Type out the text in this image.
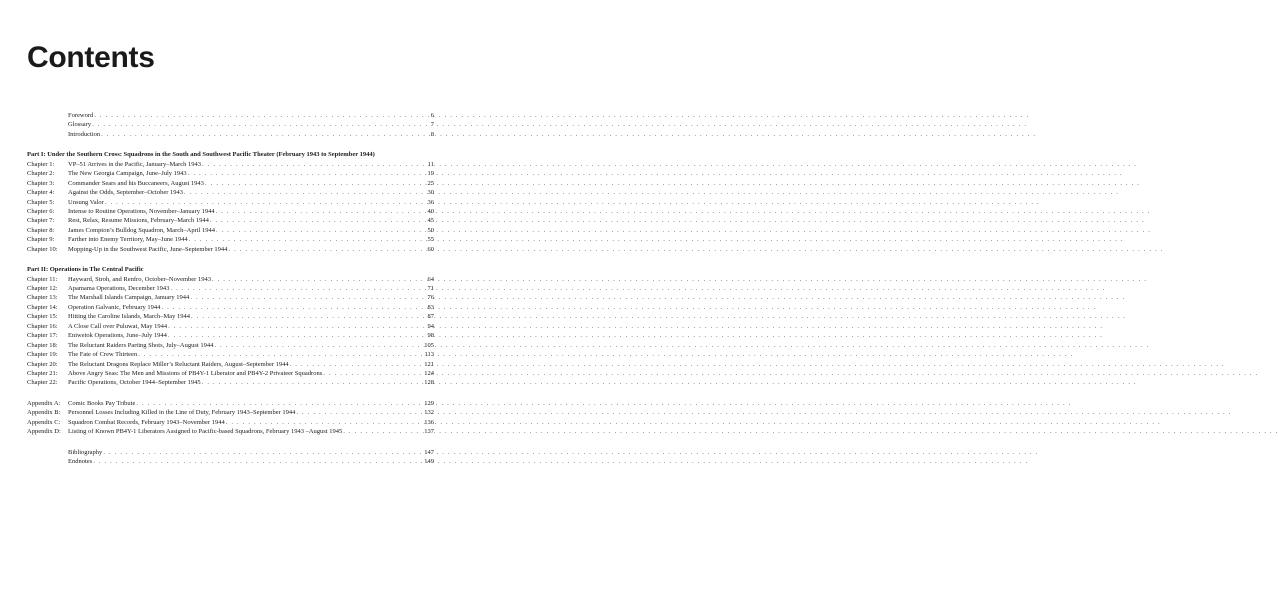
Contents
Foreword . . .	6
Glossary . . .	7
Introduction . . .	8
Part I: Under the Southern Cross: Squadrons in the South and Southwest Pacific Theater (February 1943 to September 1944)
Chapter 1:	VP–51 Arrives in the Pacific, January–March 1943 . . .	11
Chapter 2:	The New Georgia Campaign, June–July 1943 . . .	19
Chapter 3:	Commander Sears and his Buccaneers, August 1943 . . .	25
Chapter 4:	Against the Odds, September–October 1943 . . .	30
Chapter 5:	Unsung Valor . . .	36
Chapter 6:	Intense to Routine Operations, November–January 1944 . . .	40
Chapter 7:	Rest, Relax, Resume Missions, February–March 1944 . . .	45
Chapter 8:	James Compton’s Bulldog Squadron, March–April 1944 . . .	50
Chapter 9:	Farther into Enemy Territory, May–June 1944 . . .	55
Chapter 10:	Mopping-Up in the Southwest Pacific, June–September 1944 . . .	60
Part II: Operations in The Central Pacific
Chapter 11:	Hayward, Stroh, and Renfro, October–November 1943 . . .	64
Chapter 12:	Apamama Operations, December 1943 . . .	71
Chapter 13:	The Marshall Islands Campaign, January 1944 . . .	76
Chapter 14:	Operation Galvanic, February 1944 . . .	83
Chapter 15:	Hitting the Caroline Islands, March–May 1944 . . .	87
Chapter 16:	A Close Call over Puluwat, May 1944 . . .	94
Chapter 17:	Eniwetok Operations, June–July 1944 . . .	98
Chapter 18:	The Reluctant Raiders Parting Shots, July–August 1944 . . .	105
Chapter 19:	The Fate of Crew Thirteen . . .	113
Chapter 20:	The Reluctant Dragons Replace Miller’s Reluctant Raiders, August–September 1944 . . .	121
Chapter 21:	Above Angry Seas: The Men and Missions of PB4Y-1 Liberator and PB4Y-2 Privateer Squadrons . . .	124
Chapter 22:	Pacific Operations, October 1944–September 1945 . . .	128
Appendix A:	Comic Books Pay Tribute . . .	129
Appendix B:	Personnel Losses Including Killed in the Line of Duty, February 1943–September 1944 . . .	132
Appendix C:	Squadron Combat Records, February 1943–November 1944 . . .	136
Appendix D:	Listing of Known PB4Y-1 Liberators Assigned to Pacific-based Squadrons, February 1943 –August 1945 . . .	137
Bibliography . . .	147
Endnotes . . .	149
